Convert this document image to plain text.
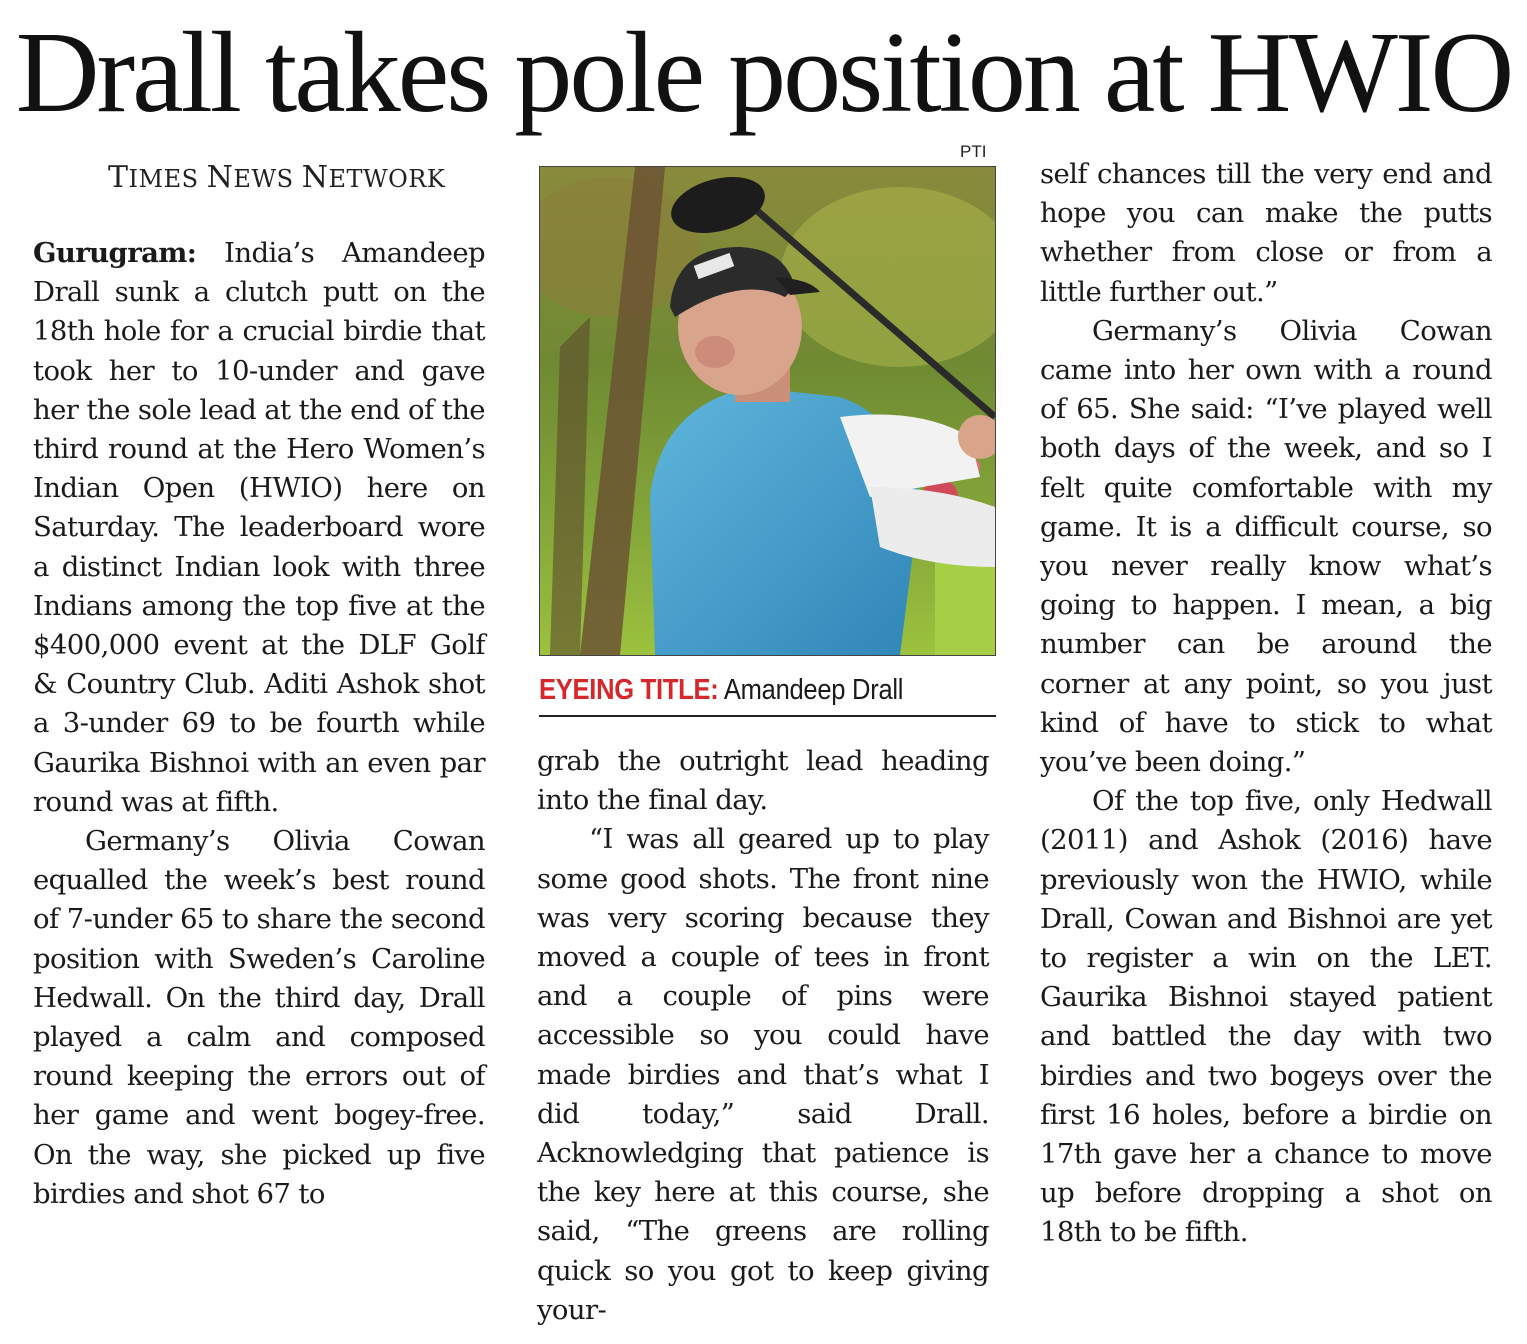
Drall takes pole position at HWIO
TIMES NEWS NETWORK
PTI
EYEING TITLE: Amandeep Drall

Gurugram: India’s Amandeep Drall sunk a clutch putt on the 18th hole for a crucial birdie that took her to 10-under and gave her the sole lead at the end of the third round at the Hero Women’s Indian Open (HWIO) here on Saturday. The leaderboard wore a distinct Indian look with three Indians among the top five at the $400,000 event at the DLF Golf & Country Club. Aditi Ashok shot a 3-under 69 to be fourth while Gaurika Bishnoi with an even par round was at fifth.

Germany’s Olivia Cowan equalled the week’s best round of 7-under 65 to share the second position with Sweden’s Caroline Hedwall. On the third day, Drall played a calm and composed round keeping the errors out of her game and went bogey-free. On the way, she picked up five birdies and shot 67 to

grab the outright lead heading into the final day.

“I was all geared up to play some good shots. The front nine was very scoring because they moved a couple of tees in front and a couple of pins were accessible so you could have made birdies and that’s what I did today,” said Drall. Acknowledging that patience is the key here at this course, she said, “The greens are rolling quick so you got to keep giving your-

self chances till the very end and hope you can make the putts whether from close or from a little further out.”

Germany’s Olivia Cowan came into her own with a round of 65. She said: “I’ve played well both days of the week, and so I felt quite comfortable with my game. It is a difficult course, so you never really know what’s going to happen. I mean, a big number can be around the corner at any point, so you just kind of have to stick to what you’ve been doing.”

Of the top five, only Hedwall (2011) and Ashok (2016) have previously won the HWIO, while Drall, Cowan and Bishnoi are yet to register a win on the LET. Gaurika Bishnoi stayed patient and battled the day with two birdies and two bogeys over the first 16 holes, before a birdie on 17th gave her a chance to move up before dropping a shot on 18th to be fifth.
